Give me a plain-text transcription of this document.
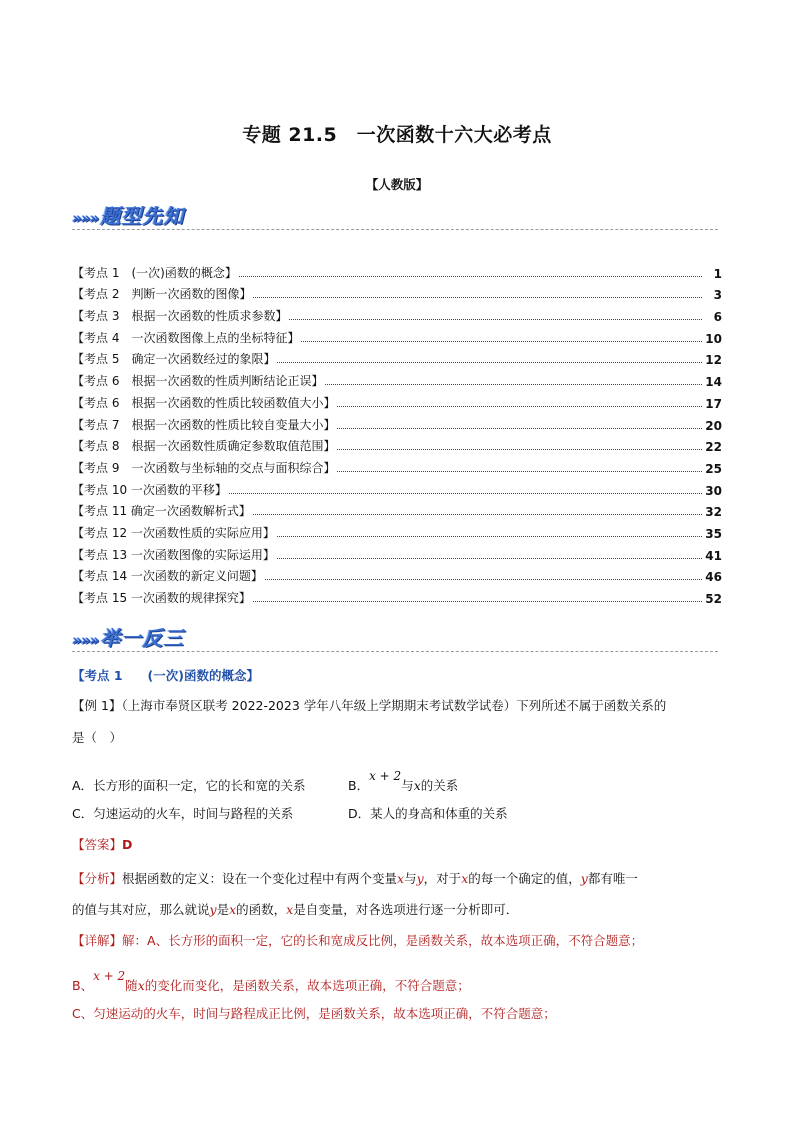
专题 21.5　一次函数十六大必考点
【人教版】
»»» 题型先知
【考点 1　(一次)函数的概念】	1
【考点 2　判断一次函数的图像】	3
【考点 3　根据一次函数的性质求参数】	6
【考点 4　一次函数图像上点的坐标特征】	10
【考点 5　确定一次函数经过的象限】	12
【考点 6　根据一次函数的性质判断结论正误】	14
【考点 6　根据一次函数的性质比较函数值大小】	17
【考点 7　根据一次函数的性质比较自变量大小】	20
【考点 8　根据一次函数性质确定参数取值范围】	22
【考点 9　一次函数与坐标轴的交点与面积综合】	25
【考点 10 一次函数的平移】	30
【考点 11 确定一次函数解析式】	32
【考点 12 一次函数性质的实际应用】	35
【考点 13 一次函数图像的实际运用】	41
【考点 14 一次函数的新定义问题】	46
【考点 15 一次函数的规律探究】	52
»»» 举一反三
【考点 1　　(一次)函数的概念】
【例 1】（上海市奉贤区联考 2022-2023 学年八年级上学期期末考试数学试卷）下列所述不属于函数关系的
是（　）
A．长方形的面积一定，它的长和宽的关系	B．x + 2与x的关系
C．匀速运动的火车，时间与路程的关系	D．某人的身高和体重的关系
【答案】D
【分析】根据函数的定义：设在一个变化过程中有两个变量x与y，对于x的每一个确定的值，y都有唯一
的值与其对应，那么就说y是x的函数，x是自变量，对各选项进行逐一分析即可．
【详解】解：A、长方形的面积一定，它的长和宽成反比例，是函数关系，故本选项正确，不符合题意；
B、x + 2随x的变化而变化，是函数关系，故本选项正确，不符合题意；
C、匀速运动的火车，时间与路程成正比例，是函数关系，故本选项正确，不符合题意；
